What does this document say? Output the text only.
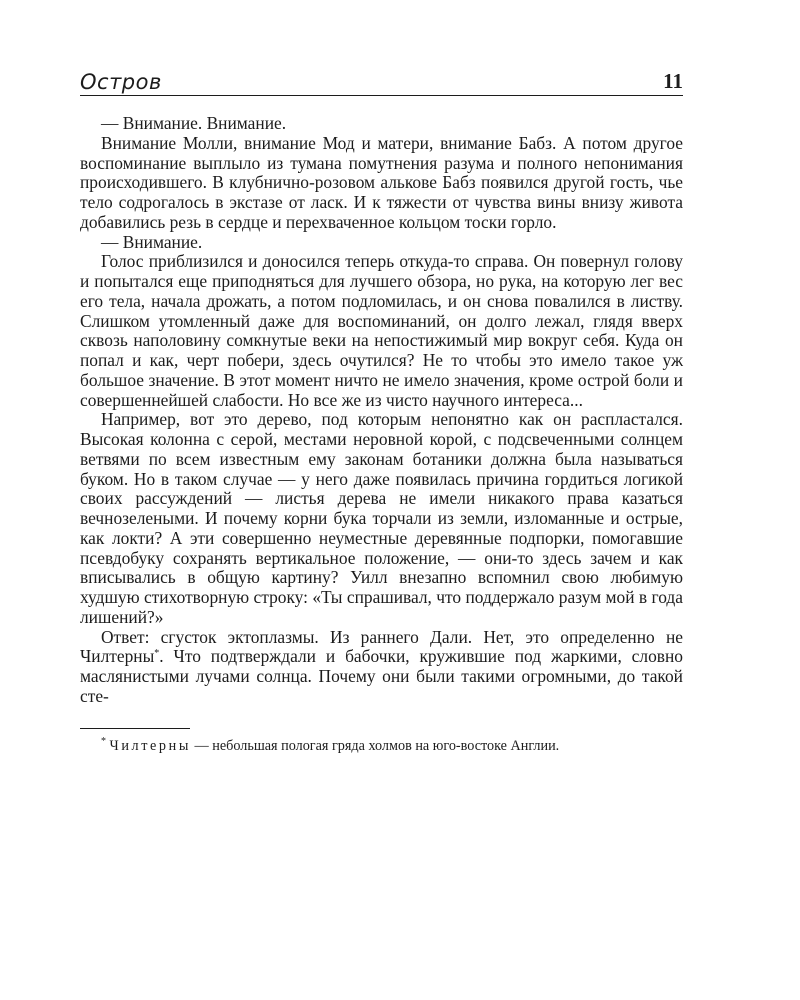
Остров	11

— Внимание. Внимание.

Внимание Молли, внимание Мод и матери, внимание Бабз. А потом другое воспоминание выплыло из тумана помутнения разума и полного непонимания происходившего. В клубнично-розовом алькове Бабз появился другой гость, чье тело содрогалось в экстазе от ласк. И к тяжести от чувства вины внизу живота добавились резь в сердце и перехваченное кольцом тоски горло.

— Внимание.

Голос приблизился и доносился теперь откуда-то справа. Он повернул голову и попытался еще приподняться для лучшего обзора, но рука, на которую лег вес его тела, начала дрожать, а потом подломилась, и он снова повалился в листву. Слишком утомленный даже для воспоминаний, он долго лежал, глядя вверх сквозь наполовину сомкнутые веки на непостижимый мир вокруг себя. Куда он попал и как, черт побери, здесь очутился? Не то чтобы это имело такое уж большое значение. В этот момент ничто не имело значения, кроме острой боли и совершеннейшей слабости. Но все же из чисто научного интереса...

Например, вот это дерево, под которым непонятно как он распластался. Высокая колонна с серой, местами неровной корой, с подсвеченными солнцем ветвями по всем известным ему законам ботаники должна была называться буком. Но в таком случае — у него даже появилась причина гордиться логикой своих рассуждений — листья дерева не имели никакого права казаться вечнозелеными. И почему корни бука торчали из земли, изломанные и острые, как локти? А эти совершенно неуместные деревянные подпорки, помогавшие псевдобуку сохранять вертикальное положение, — они-то здесь зачем и как вписывались в общую картину? Уилл внезапно вспомнил свою любимую худшую стихотворную строку: «Ты спрашивал, что поддержало разум мой в года лишений?»

Ответ: сгусток эктоплазмы. Из раннего Дали. Нет, это определенно не Чилтерны*. Что подтверждали и бабочки, кружившие под жаркими, словно маслянистыми лучами солнца. Почему они были такими огромными, до такой сте-

* Чилтерны — небольшая пологая гряда холмов на юго-востоке Англии.
